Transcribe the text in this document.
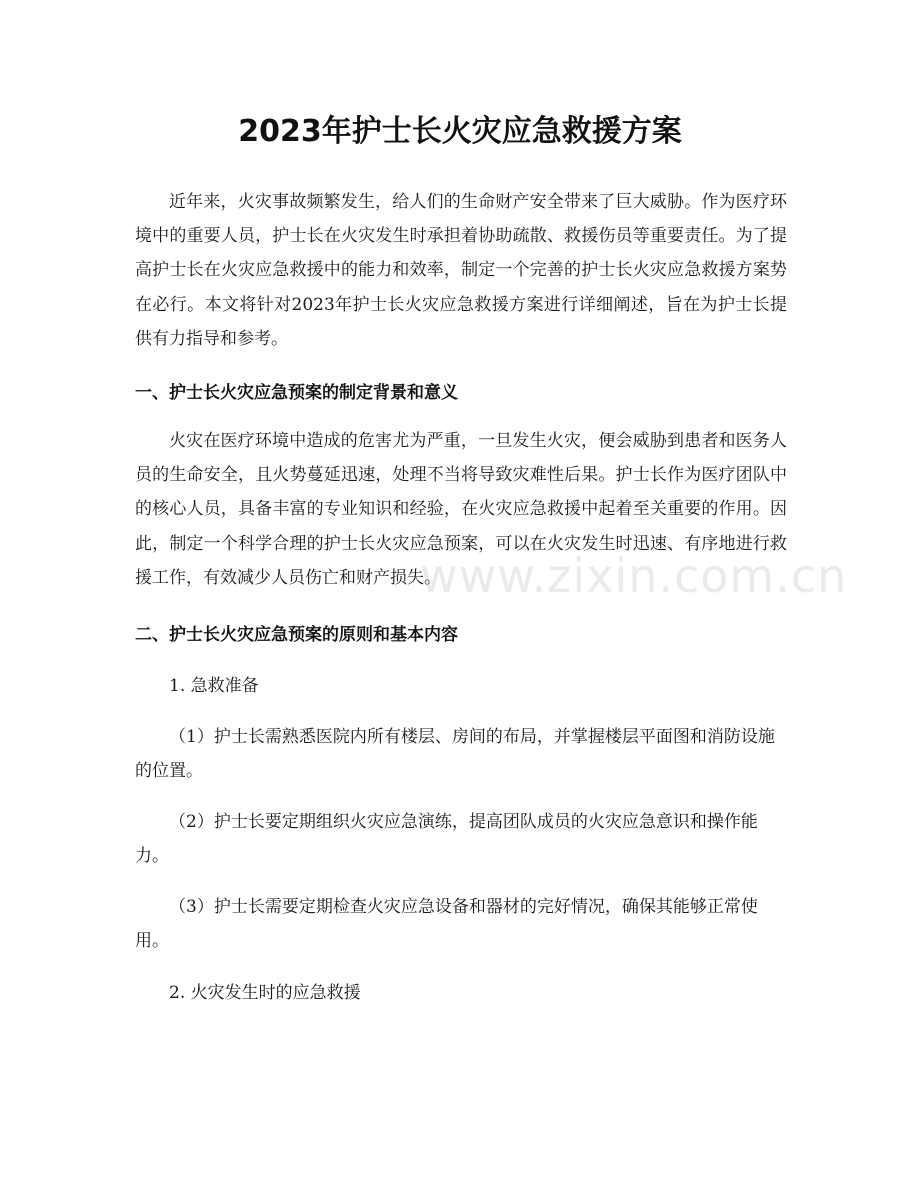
2023年护士长火灾应急救援方案

近年来，火灾事故频繁发生，给人们的生命财产安全带来了巨大威胁。作为医疗环境中的重要人员，护士长在火灾发生时承担着协助疏散、救援伤员等重要责任。为了提高护士长在火灾应急救援中的能力和效率，制定一个完善的护士长火灾应急救援方案势在必行。本文将针对2023年护士长火灾应急救援方案进行详细阐述，旨在为护士长提供有力指导和参考。

一、护士长火灾应急预案的制定背景和意义

火灾在医疗环境中造成的危害尤为严重，一旦发生火灾，便会威胁到患者和医务人员的生命安全，且火势蔓延迅速，处理不当将导致灾难性后果。护士长作为医疗团队中的核心人员，具备丰富的专业知识和经验，在火灾应急救援中起着至关重要的作用。因此，制定一个科学合理的护士长火灾应急预案，可以在火灾发生时迅速、有序地进行救援工作，有效减少人员伤亡和财产损失。

二、护士长火灾应急预案的原则和基本内容

1. 急救准备

（1）护士长需熟悉医院内所有楼层、房间的布局，并掌握楼层平面图和消防设施的位置。

（2）护士长要定期组织火灾应急演练，提高团队成员的火灾应急意识和操作能力。

（3）护士长需要定期检查火灾应急设备和器材的完好情况，确保其能够正常使用。

2. 火灾发生时的应急救援

www.zixin.com.cn
